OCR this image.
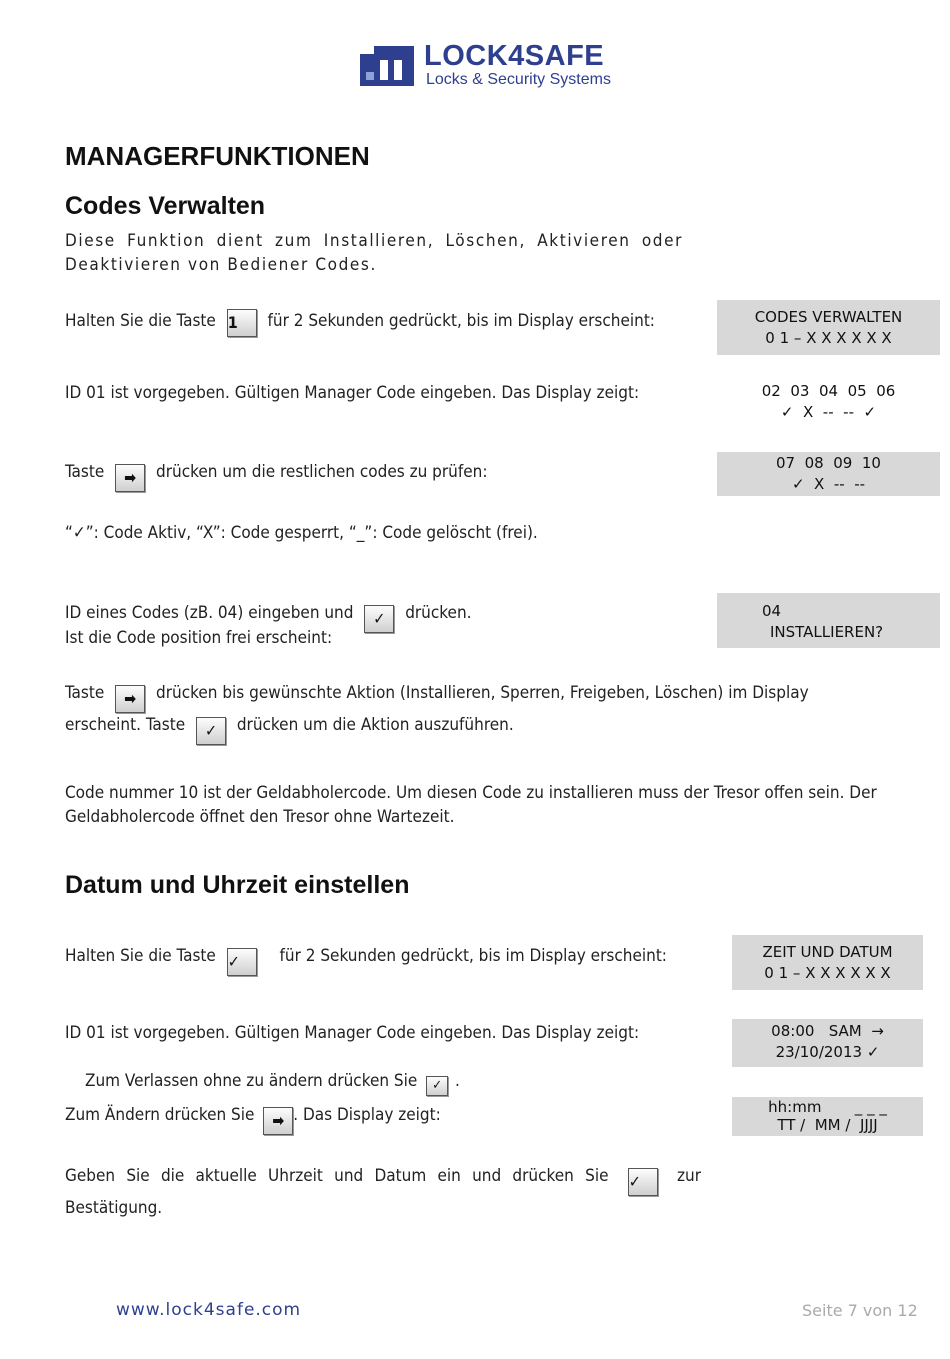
LOCK4SAFE
Locks & Security Systems
MANAGERFUNKTIONEN
Codes Verwalten
Diese Funktion dient zum Installieren, Löschen, Aktivieren oder Deaktivieren von Bediener Codes.
Halten Sie die Taste 1 für 2 Sekunden gedrückt, bis im Display erscheint:	CODES VERWALTEN
0 1 – X X X X X X
ID 01 ist vorgegeben. Gültigen Manager Code eingeben. Das Display zeigt:	02  03  04  05  06
✓  X  --  --  ✓
Taste ➡ drücken um die restlichen codes zu prüfen:	07  08  09  10
✓  X  --  --
“✓”: Code Aktiv, “X”: Code gesperrt, “_”: Code gelöscht (frei).
ID eines Codes (zB. 04) eingeben und ✓ drücken.
Ist die Code position frei erscheint:
04
INSTALLIEREN?
Taste ➡ drücken bis gewünschte Aktion (Installieren, Sperren, Freigeben, Löschen) im Display
erscheint. Taste ✓ drücken um die Aktion auszuführen.
Code nummer 10 ist der Geldabholercode. Um diesen Code zu installieren muss der Tresor offen sein. Der Geldabholercode öffnet den Tresor ohne Wartezeit.
Datum und Uhrzeit einstellen
Halten Sie die Taste ✓ für 2 Sekunden gedrückt, bis im Display erscheint:	ZEIT UND DATUM
0 1 – X X X X X X
ID 01 ist vorgegeben. Gültigen Manager Code eingeben. Das Display zeigt:	08:00   SAM  →
23/10/2013 ✓
Zum Verlassen ohne zu ändern drücken Sie ✓ .
Zum Ändern drücken Sie ➡ . Das Display zeigt:	hh:mm       _ _ _
TT /  MM /  JJJJ
Geben Sie die aktuelle Uhrzeit und Datum ein und drücken Sie ✓ zur Bestätigung.
www.lock4safe.com	Seite 7 von 12
